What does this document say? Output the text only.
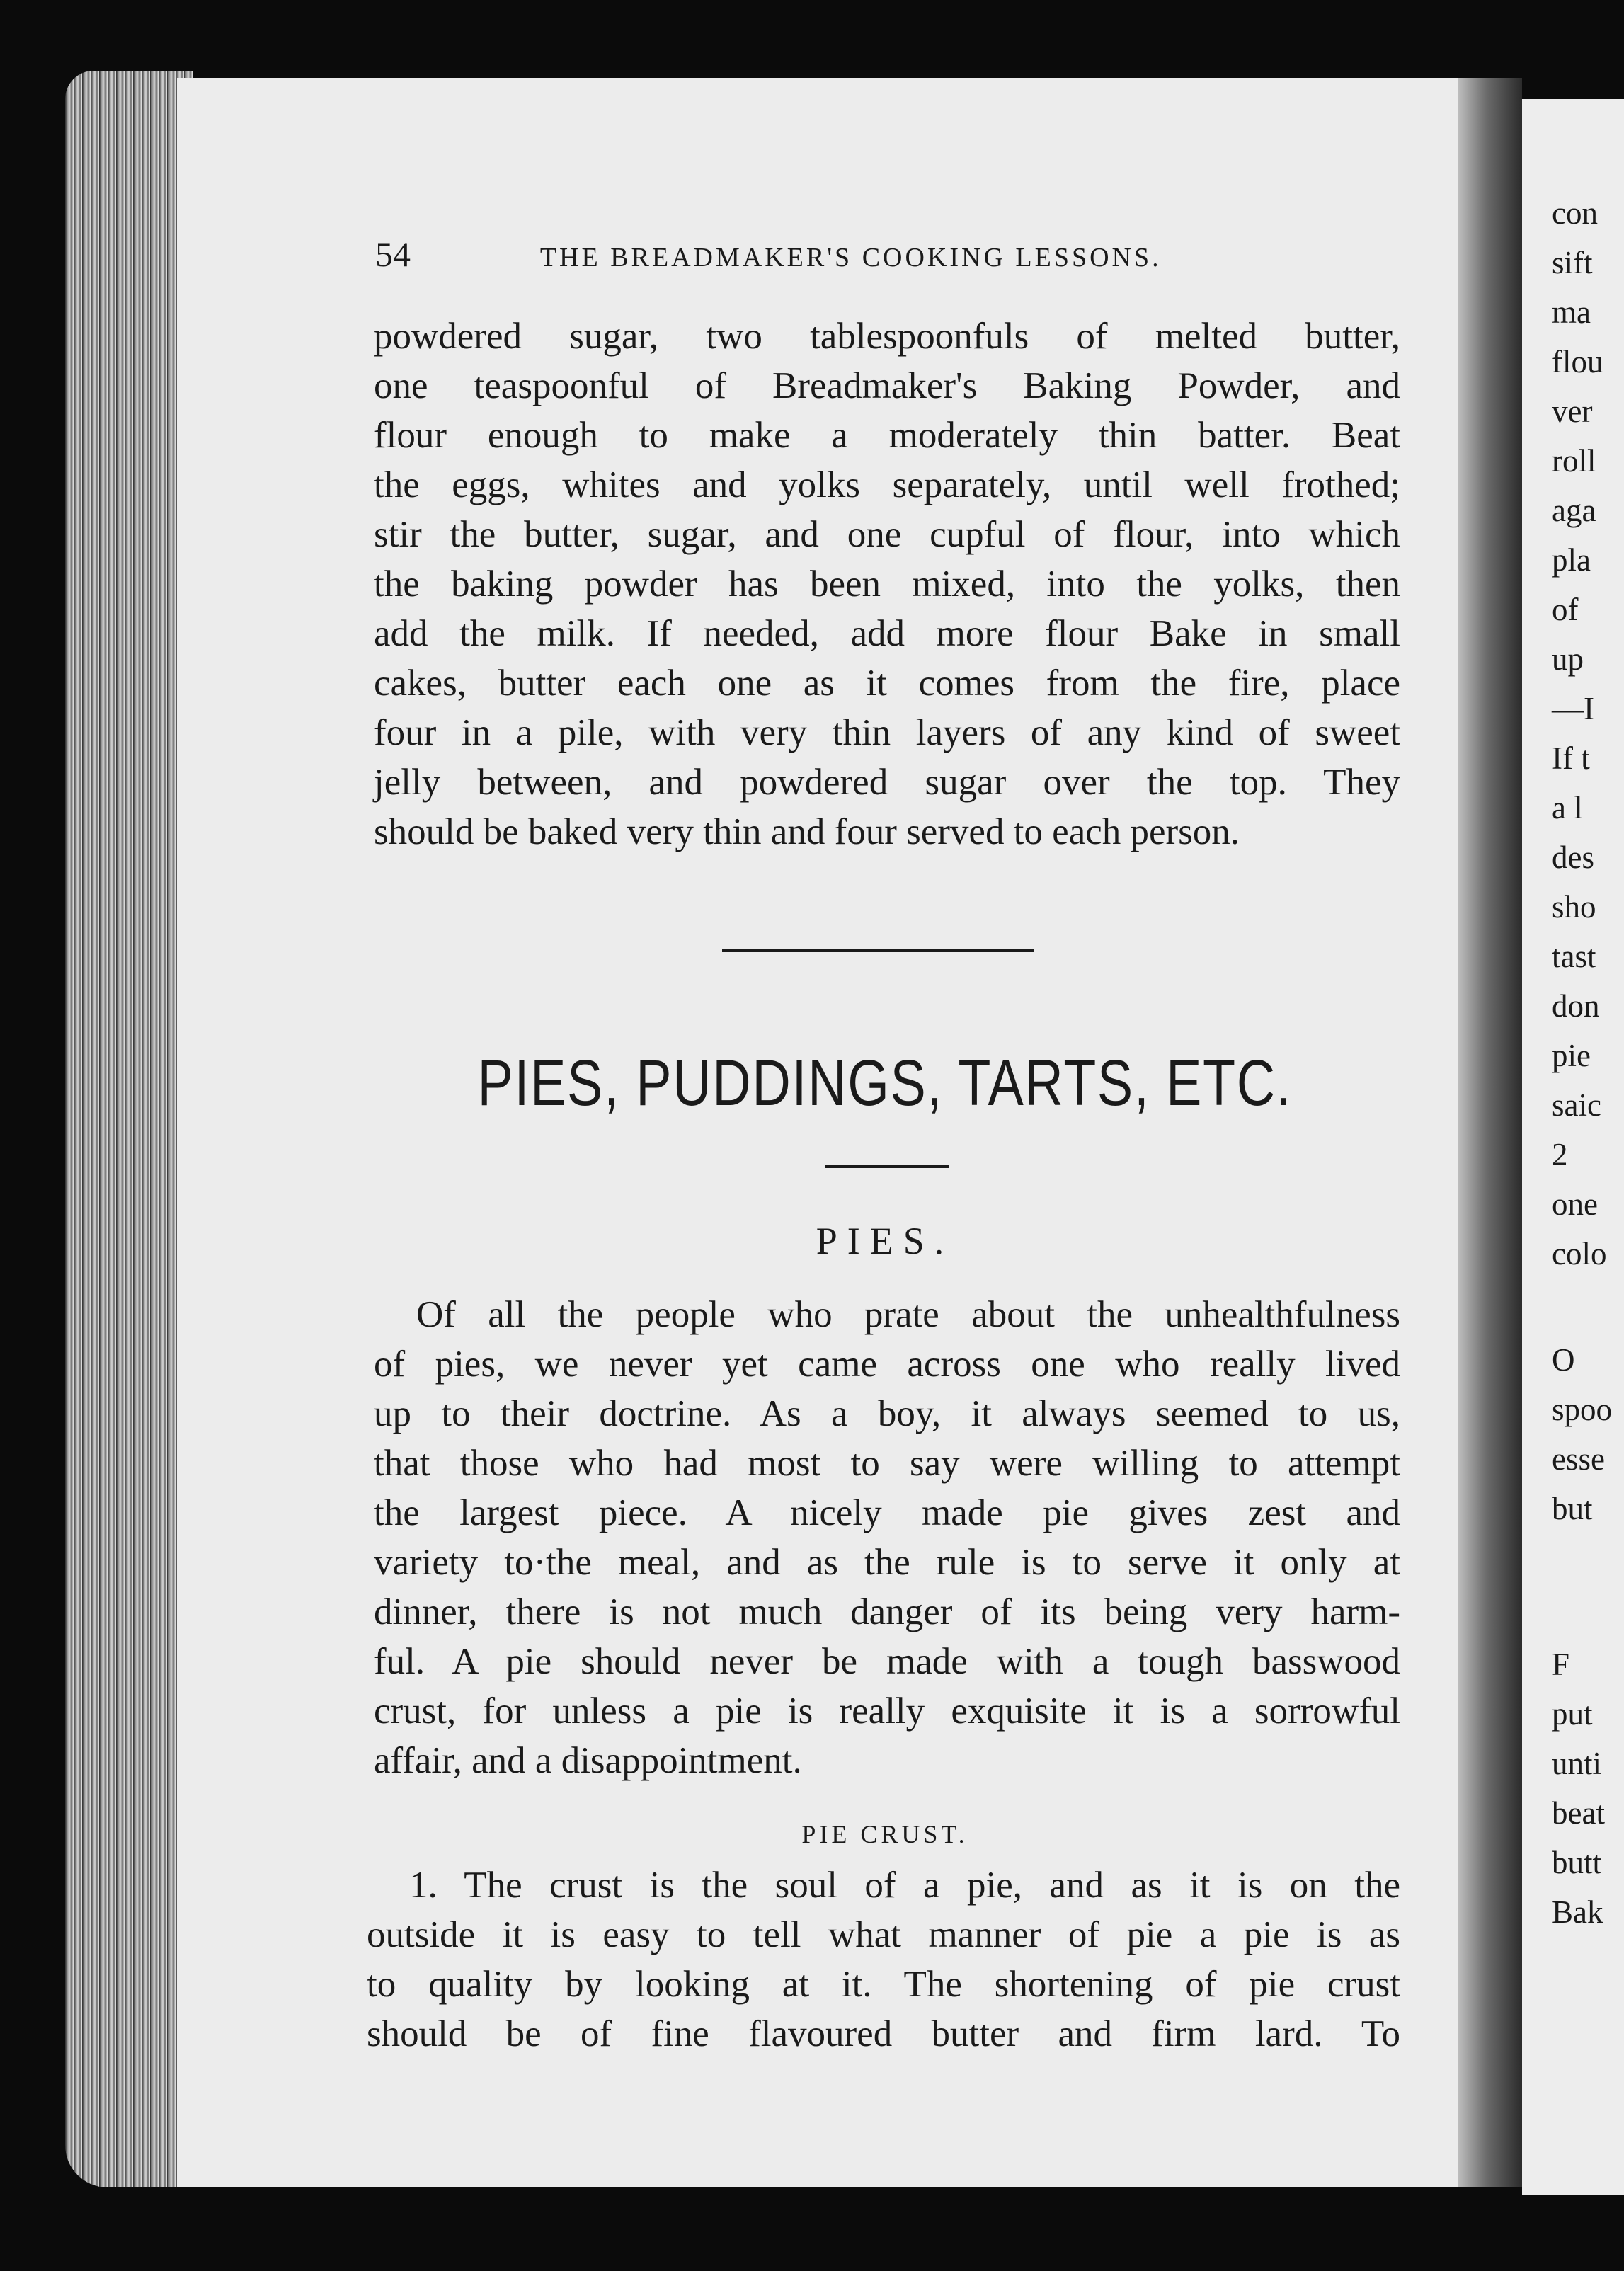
con
sift
ma
flou
ver
roll
aga
pla
of
up
—I
If t
a l
des
sho
tast
don
pie
saic
2
one
colo
O
spoo
esse
but
F
put
unti
beat
butt
Bak
54	THE BREADMAKER'S COOKING LESSONS.
powdered sugar, two tablespoonfuls of melted butter,
one teaspoonful of Breadmaker's Baking Powder, and
flour enough to make a moderately thin batter. Beat
the eggs, whites and yolks separately, until well frothed;
stir the butter, sugar, and one cupful of flour, into which
the baking powder has been mixed, into the yolks, then
add the milk. If needed, add more flour Bake in small
cakes, butter each one as it comes from the fire, place
four in a pile, with very thin layers of any kind of sweet
jelly between, and powdered sugar over the top. They
should be baked very thin and four served to each person.
PIES, PUDDINGS, TARTS, ETC.
PIES.
Of all the people who prate about the unhealthfulness
of pies, we never yet came across one who really lived
up to their doctrine. As a boy, it always seemed to us,
that those who had most to say were willing to attempt
the largest piece. A nicely made pie gives zest and
variety to·the meal, and as the rule is to serve it only at
dinner, there is not much danger of its being very harm-
ful. A pie should never be made with a tough basswood
crust, for unless a pie is really exquisite it is a sorrowful
affair, and a disappointment.
PIE CRUST.
1. The crust is the soul of a pie, and as it is on the
outside it is easy to tell what manner of pie a pie is as
to quality by looking at it. The shortening of pie crust
should be of fine flavoured butter and firm lard. To
